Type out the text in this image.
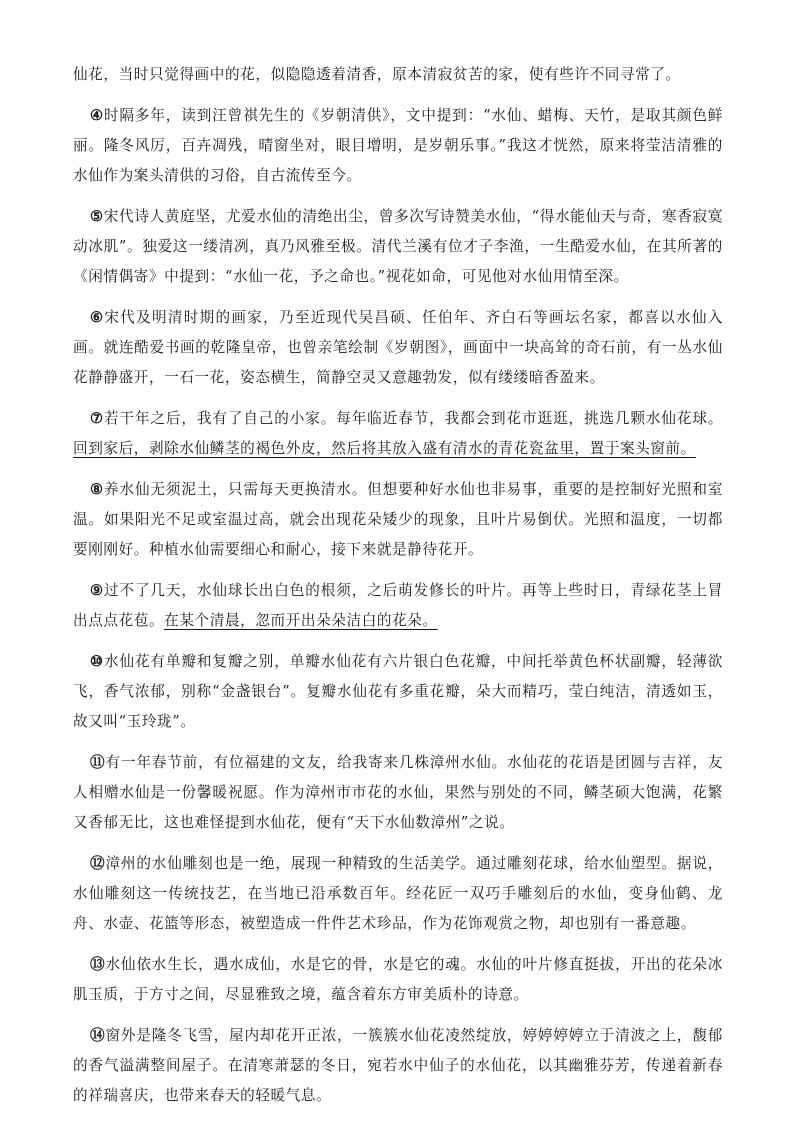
仙花，当时只觉得画中的花，似隐隐透着清香，原本清寂贫苦的家，使有些许不同寻常了。

④时隔多年，读到汪曾祺先生的《岁朝清供》，文中提到：“水仙、蜡梅、天竹，是取其颜色鲜丽。隆冬风厉，百卉凋残，晴窗坐对，眼目增明，是岁朝乐事。”我这才恍然，原来将莹洁清雅的水仙作为案头清供的习俗，自古流传至今。

⑤宋代诗人黄庭坚，尤爱水仙的清绝出尘，曾多次写诗赞美水仙，“得水能仙天与奇，寒香寂寞动冰肌”。独爱这一缕清冽，真乃风雅至极。清代兰溪有位才子李渔，一生酷爱水仙，在其所著的《闲情偶寄》中提到：“水仙一花，予之命也。”视花如命，可见他对水仙用情至深。

⑥宋代及明清时期的画家，乃至近现代吴昌硕、任伯年、齐白石等画坛名家，都喜以水仙入画。就连酷爱书画的乾隆皇帝，也曾亲笔绘制《岁朝图》，画面中一块高耸的奇石前，有一丛水仙花静静盛开，一石一花，姿态横生，简静空灵又意趣勃发，似有缕缕暗香盈来。

⑦若干年之后，我有了自己的小家。每年临近春节，我都会到花市逛逛，挑选几颗水仙花球。回到家后，剥除水仙鳞茎的褐色外皮，然后将其放入盛有清水的青花瓷盆里，置于案头窗前。

⑧养水仙无须泥土，只需每天更换清水。但想要种好水仙也非易事，重要的是控制好光照和室温。如果阳光不足或室温过高，就会出现花朵矮少的现象，且叶片易倒伏。光照和温度，一切都要刚刚好。种植水仙需要细心和耐心，接下来就是静待花开。

⑨过不了几天，水仙球长出白色的根须，之后萌发修长的叶片。再等上些时日，青绿花茎上冒出点点花苞。在某个清晨，忽而开出朵朵洁白的花朵。

⑩水仙花有单瓣和复瓣之别，单瓣水仙花有六片银白色花瓣，中间托举黄色杯状副瓣，轻薄欲飞，香气浓郁，别称“金盏银台”。复瓣水仙花有多重花瓣，朵大而精巧，莹白纯洁，清透如玉，故又叫“玉玲珑”。

⑪有一年春节前，有位福建的文友，给我寄来几株漳州水仙。水仙花的花语是团圆与吉祥，友人相赠水仙是一份馨暖祝愿。作为漳州市市花的水仙，果然与别处的不同，鳞茎硕大饱满，花繁又香郁无比，这也难怪提到水仙花，便有“天下水仙数漳州”之说。

⑫漳州的水仙雕刻也是一绝，展现一种精致的生活美学。通过雕刻花球，给水仙塑型。据说，水仙雕刻这一传统技艺，在当地已沿承数百年。经花匠一双巧手雕刻后的水仙，变身仙鹤、龙舟、水壶、花篮等形态，被塑造成一件件艺术珍品，作为花饰观赏之物，却也别有一番意趣。

⑬水仙依水生长，遇水成仙，水是它的骨，水是它的魂。水仙的叶片修直挺拔，开出的花朵冰肌玉质，于方寸之间，尽显雅致之境，蕴含着东方审美质朴的诗意。

⑭窗外是隆冬飞雪，屋内却花开正浓，一簇簇水仙花凌然绽放，婷婷婷婷立于清波之上，馥郁的香气溢满整间屋子。在清寒萧瑟的冬日，宛若水中仙子的水仙花，以其幽雅芬芳，传递着新春的祥瑞喜庆，也带来春天的轻暖气息。
